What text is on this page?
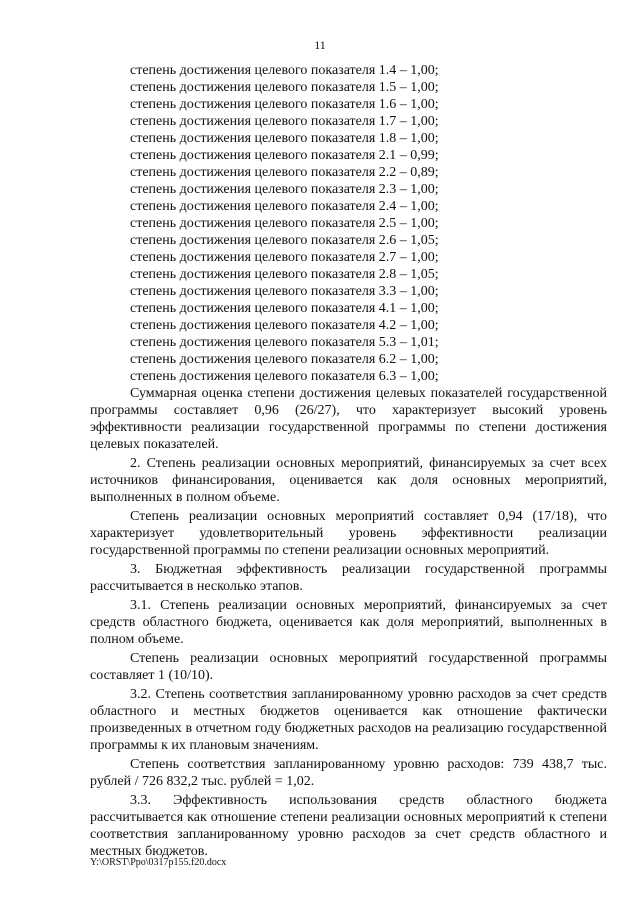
11
степень достижения целевого показателя 1.4 – 1,00;
степень достижения целевого показателя 1.5 – 1,00;
степень достижения целевого показателя 1.6 – 1,00;
степень достижения целевого показателя 1.7 – 1,00;
степень достижения целевого показателя 1.8 – 1,00;
степень достижения целевого показателя 2.1 – 0,99;
степень достижения целевого показателя 2.2 – 0,89;
степень достижения целевого показателя 2.3 – 1,00;
степень достижения целевого показателя 2.4 – 1,00;
степень достижения целевого показателя 2.5 – 1,00;
степень достижения целевого показателя 2.6 – 1,05;
степень достижения целевого показателя 2.7 – 1,00;
степень достижения целевого показателя 2.8 – 1,05;
степень достижения целевого показателя 3.3 – 1,00;
степень достижения целевого показателя 4.1 – 1,00;
степень достижения целевого показателя 4.2 – 1,00;
степень достижения целевого показателя 5.3 – 1,01;
степень достижения целевого показателя 6.2 – 1,00;
степень достижения целевого показателя 6.3 – 1,00;

Суммарная оценка степени достижения целевых показателей государственной программы составляет 0,96 (26/27), что характеризует высокий уровень эффективности реализации государственной программы по степени достижения целевых показателей.

2. Степень реализации основных мероприятий, финансируемых за счет всех источников финансирования, оценивается как доля основных мероприятий, выполненных в полном объеме.

Степень реализации основных мероприятий составляет 0,94 (17/18), что характеризует удовлетворительный уровень эффективности реализации государственной программы по степени реализации основных мероприятий.

3. Бюджетная эффективность реализации государственной программы рассчитывается в несколько этапов.

3.1. Степень реализации основных мероприятий, финансируемых за счет средств областного бюджета, оценивается как доля мероприятий, выполненных в полном объеме.

Степень реализации основных мероприятий государственной программы составляет 1 (10/10).

3.2. Степень соответствия запланированному уровню расходов за счет средств областного и местных бюджетов оценивается как отношение фактически произведенных в отчетном году бюджетных расходов на реализацию государственной программы к их плановым значениям.

Степень соответствия запланированному уровню расходов: 739 438,7 тыс. рублей / 726 832,2 тыс. рублей = 1,02.

3.3. Эффективность использования средств областного бюджета рассчитывается как отношение степени реализации основных мероприятий к степени соответствия запланированному уровню расходов за счет средств областного и местных бюджетов.

Y:\ORST\Ppo\0317p155.f20.docx
